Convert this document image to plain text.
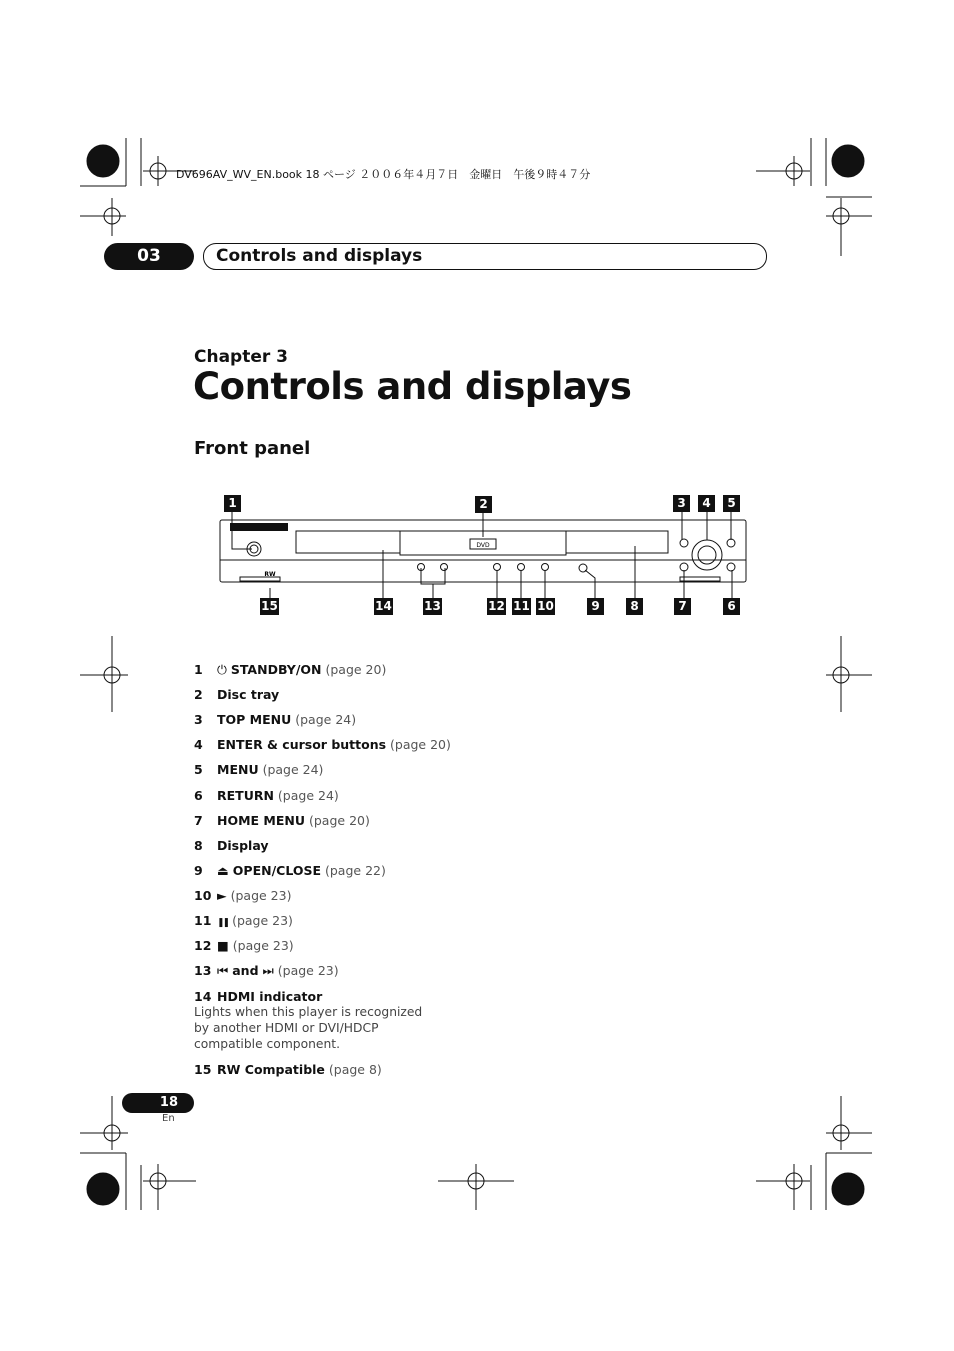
DV696AV_WV_EN.book 18 ページ ２００６年４月７日　金曜日　午後９時４７分
03	Controls and displays
Chapter 3
Controls and displays
Front panel
DVD
RW
1	2	3	4	5
15	14	13	12 11 10	9	8	7	6
1 ⏻ STANDBY/ON (page 20)
2 Disc tray
3 TOP MENU (page 24)
4 ENTER & cursor buttons (page 20)
5 MENU (page 24)
6 RETURN (page 24)
7 HOME MENU (page 20)
8 Display
9 ⏏ OPEN/CLOSE (page 22)
10 ► (page 23)
11 ❚❚ (page 23)
12 ■ (page 23)
13 ⏮ and ⏭ (page 23)
14 HDMI indicator
Lights when this player is recognized by another HDMI or DVI/HDCP compatible component.
15 RW Compatible (page 8)
18
En
